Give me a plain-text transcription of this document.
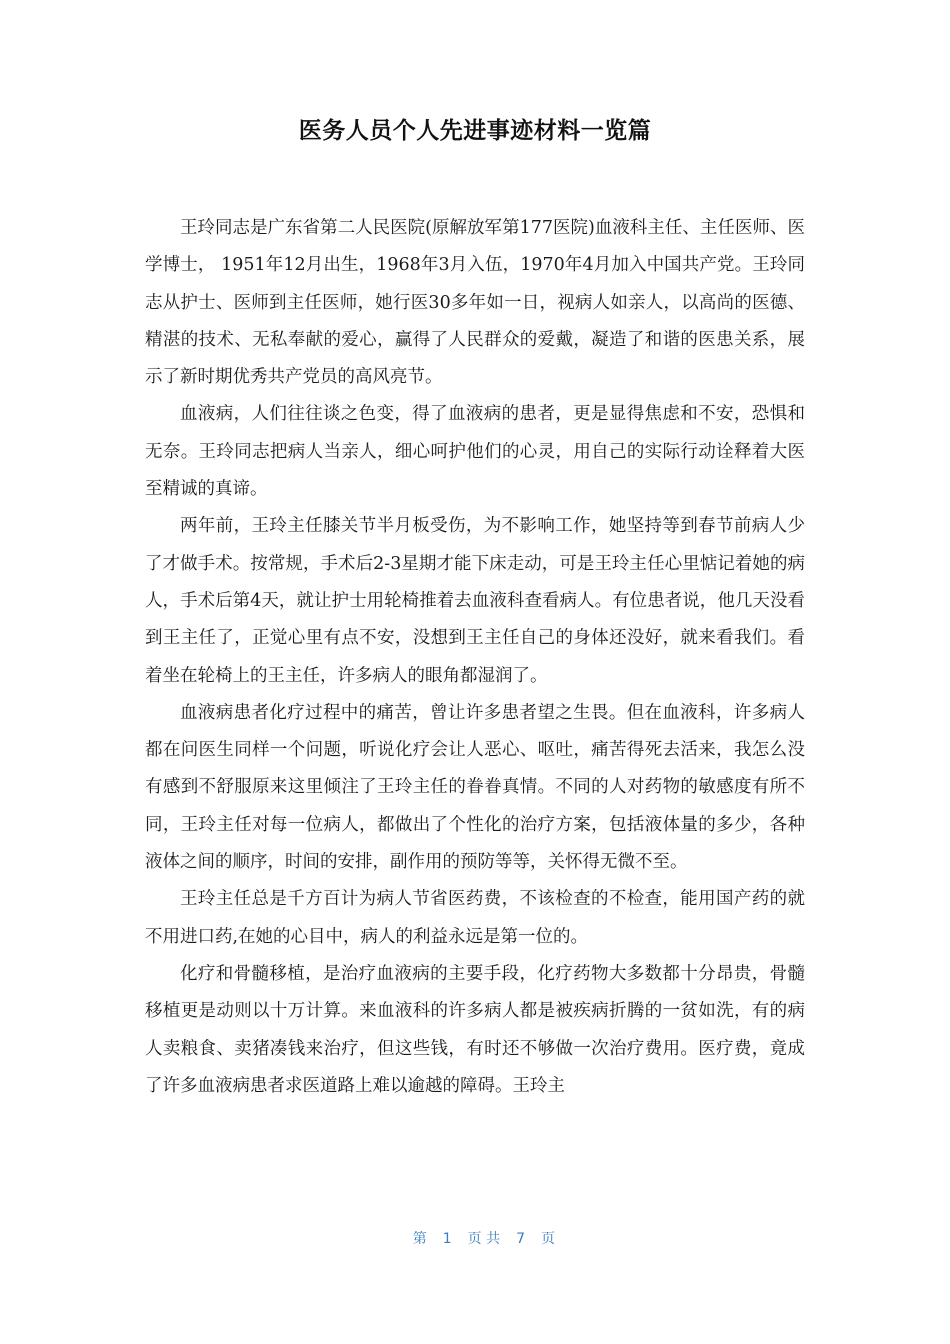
医务人员个人先进事迹材料一览篇

王玲同志是广东省第二人民医院(原解放军第177医院)血液科主任、主任医师、医学博士， 1951年12月出生，1968年3月入伍，1970年4月加入中国共产党。王玲同志从护士、医师到主任医师，她行医30多年如一日，视病人如亲人，以高尚的医德、精湛的技术、无私奉献的爱心，赢得了人民群众的爱戴，凝造了和谐的医患关系，展示了新时期优秀共产党员的高风亮节。

血液病，人们往往谈之色变，得了血液病的患者，更是显得焦虑和不安，恐惧和无奈。王玲同志把病人当亲人，细心呵护他们的心灵，用自己的实际行动诠释着大医至精诚的真谛。

两年前，王玲主任膝关节半月板受伤，为不影响工作，她坚持等到春节前病人少了才做手术。按常规，手术后2-3星期才能下床走动，可是王玲主任心里惦记着她的病人，手术后第4天，就让护士用轮椅推着去血液科查看病人。有位患者说，他几天没看到王主任了，正觉心里有点不安，没想到王主任自己的身体还没好，就来看我们。看着坐在轮椅上的王主任，许多病人的眼角都湿润了。

血液病患者化疗过程中的痛苦，曾让许多患者望之生畏。但在血液科，许多病人都在问医生同样一个问题，听说化疗会让人恶心、呕吐，痛苦得死去活来，我怎么没有感到不舒服原来这里倾注了王玲主任的眷眷真情。不同的人对药物的敏感度有所不同，王玲主任对每一位病人，都做出了个性化的治疗方案，包括液体量的多少，各种液体之间的顺序，时间的安排，副作用的预防等等，关怀得无微不至。

王玲主任总是千方百计为病人节省医药费，不该检查的不检查，能用国产药的就不用进口药,在她的心目中，病人的利益永远是第一位的。

化疗和骨髓移植，是治疗血液病的主要手段，化疗药物大多数都十分昂贵，骨髓移植更是动则以十万计算。来血液科的许多病人都是被疾病折腾的一贫如洗，有的病人卖粮食、卖猪凑钱来治疗，但这些钱，有时还不够做一次治疗费用。医疗费，竟成了许多血液病患者求医道路上难以逾越的障碍。王玲主

第 1 页 共 7 页
